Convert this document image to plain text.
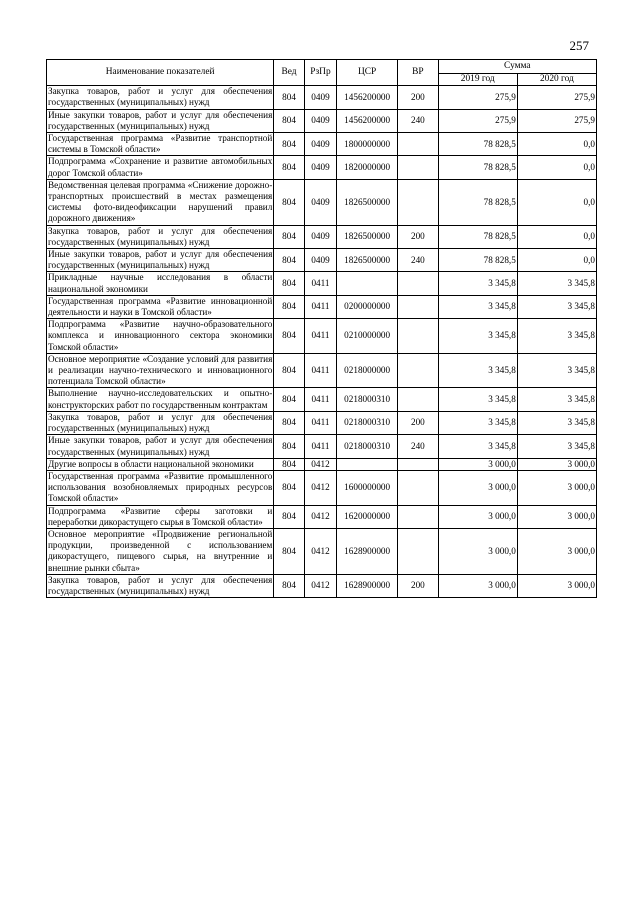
257
Наименование показателей	Вед	РзПр	ЦСР	ВР	Сумма	
					2019 год	2020 год
Закупка товаров, работ и услуг для обеспечения государственных (муниципальных) нужд	804	0409	1456200000	200	275,9	275,9
Иные закупки товаров, работ и услуг для обеспечения государственных (муниципальных) нужд	804	0409	1456200000	240	275,9	275,9
Государственная программа «Развитие транспортной системы в Томской области»	804	0409	1800000000		78 828,5	0,0
Подпрограмма «Сохранение и развитие автомобильных дорог Томской области»	804	0409	1820000000		78 828,5	0,0
Ведомственная целевая программа «Снижение дорожно-транспортных происшествий в местах размещения системы фото-видеофиксации нарушений правил дорожного движения»	804	0409	1826500000		78 828,5	0,0
Закупка товаров, работ и услуг для обеспечения государственных (муниципальных) нужд	804	0409	1826500000	200	78 828,5	0,0
Иные закупки товаров, работ и услуг для обеспечения государственных (муниципальных) нужд	804	0409	1826500000	240	78 828,5	0,0
Прикладные научные исследования в области национальной экономики	804	0411			3 345,8	3 345,8
Государственная программа «Развитие инновационной деятельности и науки в Томской области»	804	0411	0200000000		3 345,8	3 345,8
Подпрограмма «Развитие научно-образовательного комплекса и инновационного сектора экономики Томской области»	804	0411	0210000000		3 345,8	3 345,8
Основное мероприятие «Создание условий для развития и реализации научно-технического и инновационного потенциала Томской области»	804	0411	0218000000		3 345,8	3 345,8
Выполнение научно-исследовательских и опытно-конструкторских работ по государственным контрактам	804	0411	0218000310		3 345,8	3 345,8
Закупка товаров, работ и услуг для обеспечения государственных (муниципальных) нужд	804	0411	0218000310	200	3 345,8	3 345,8
Иные закупки товаров, работ и услуг для обеспечения государственных (муниципальных) нужд	804	0411	0218000310	240	3 345,8	3 345,8
Другие вопросы в области национальной экономики	804	0412			3 000,0	3 000,0
Государственная программа «Развитие промышленного использования возобновляемых природных ресурсов Томской области»	804	0412	1600000000		3 000,0	3 000,0
Подпрограмма «Развитие сферы заготовки и переработки дикорастущего сырья в Томской области»	804	0412	1620000000		3 000,0	3 000,0
Основное мероприятие «Продвижение региональной продукции, произведенной с использованием дикорастущего, пищевого сырья, на внутренние и внешние рынки сбыта»	804	0412	1628900000		3 000,0	3 000,0
Закупка товаров, работ и услуг для обеспечения государственных (муниципальных) нужд	804	0412	1628900000	200	3 000,0	3 000,0
